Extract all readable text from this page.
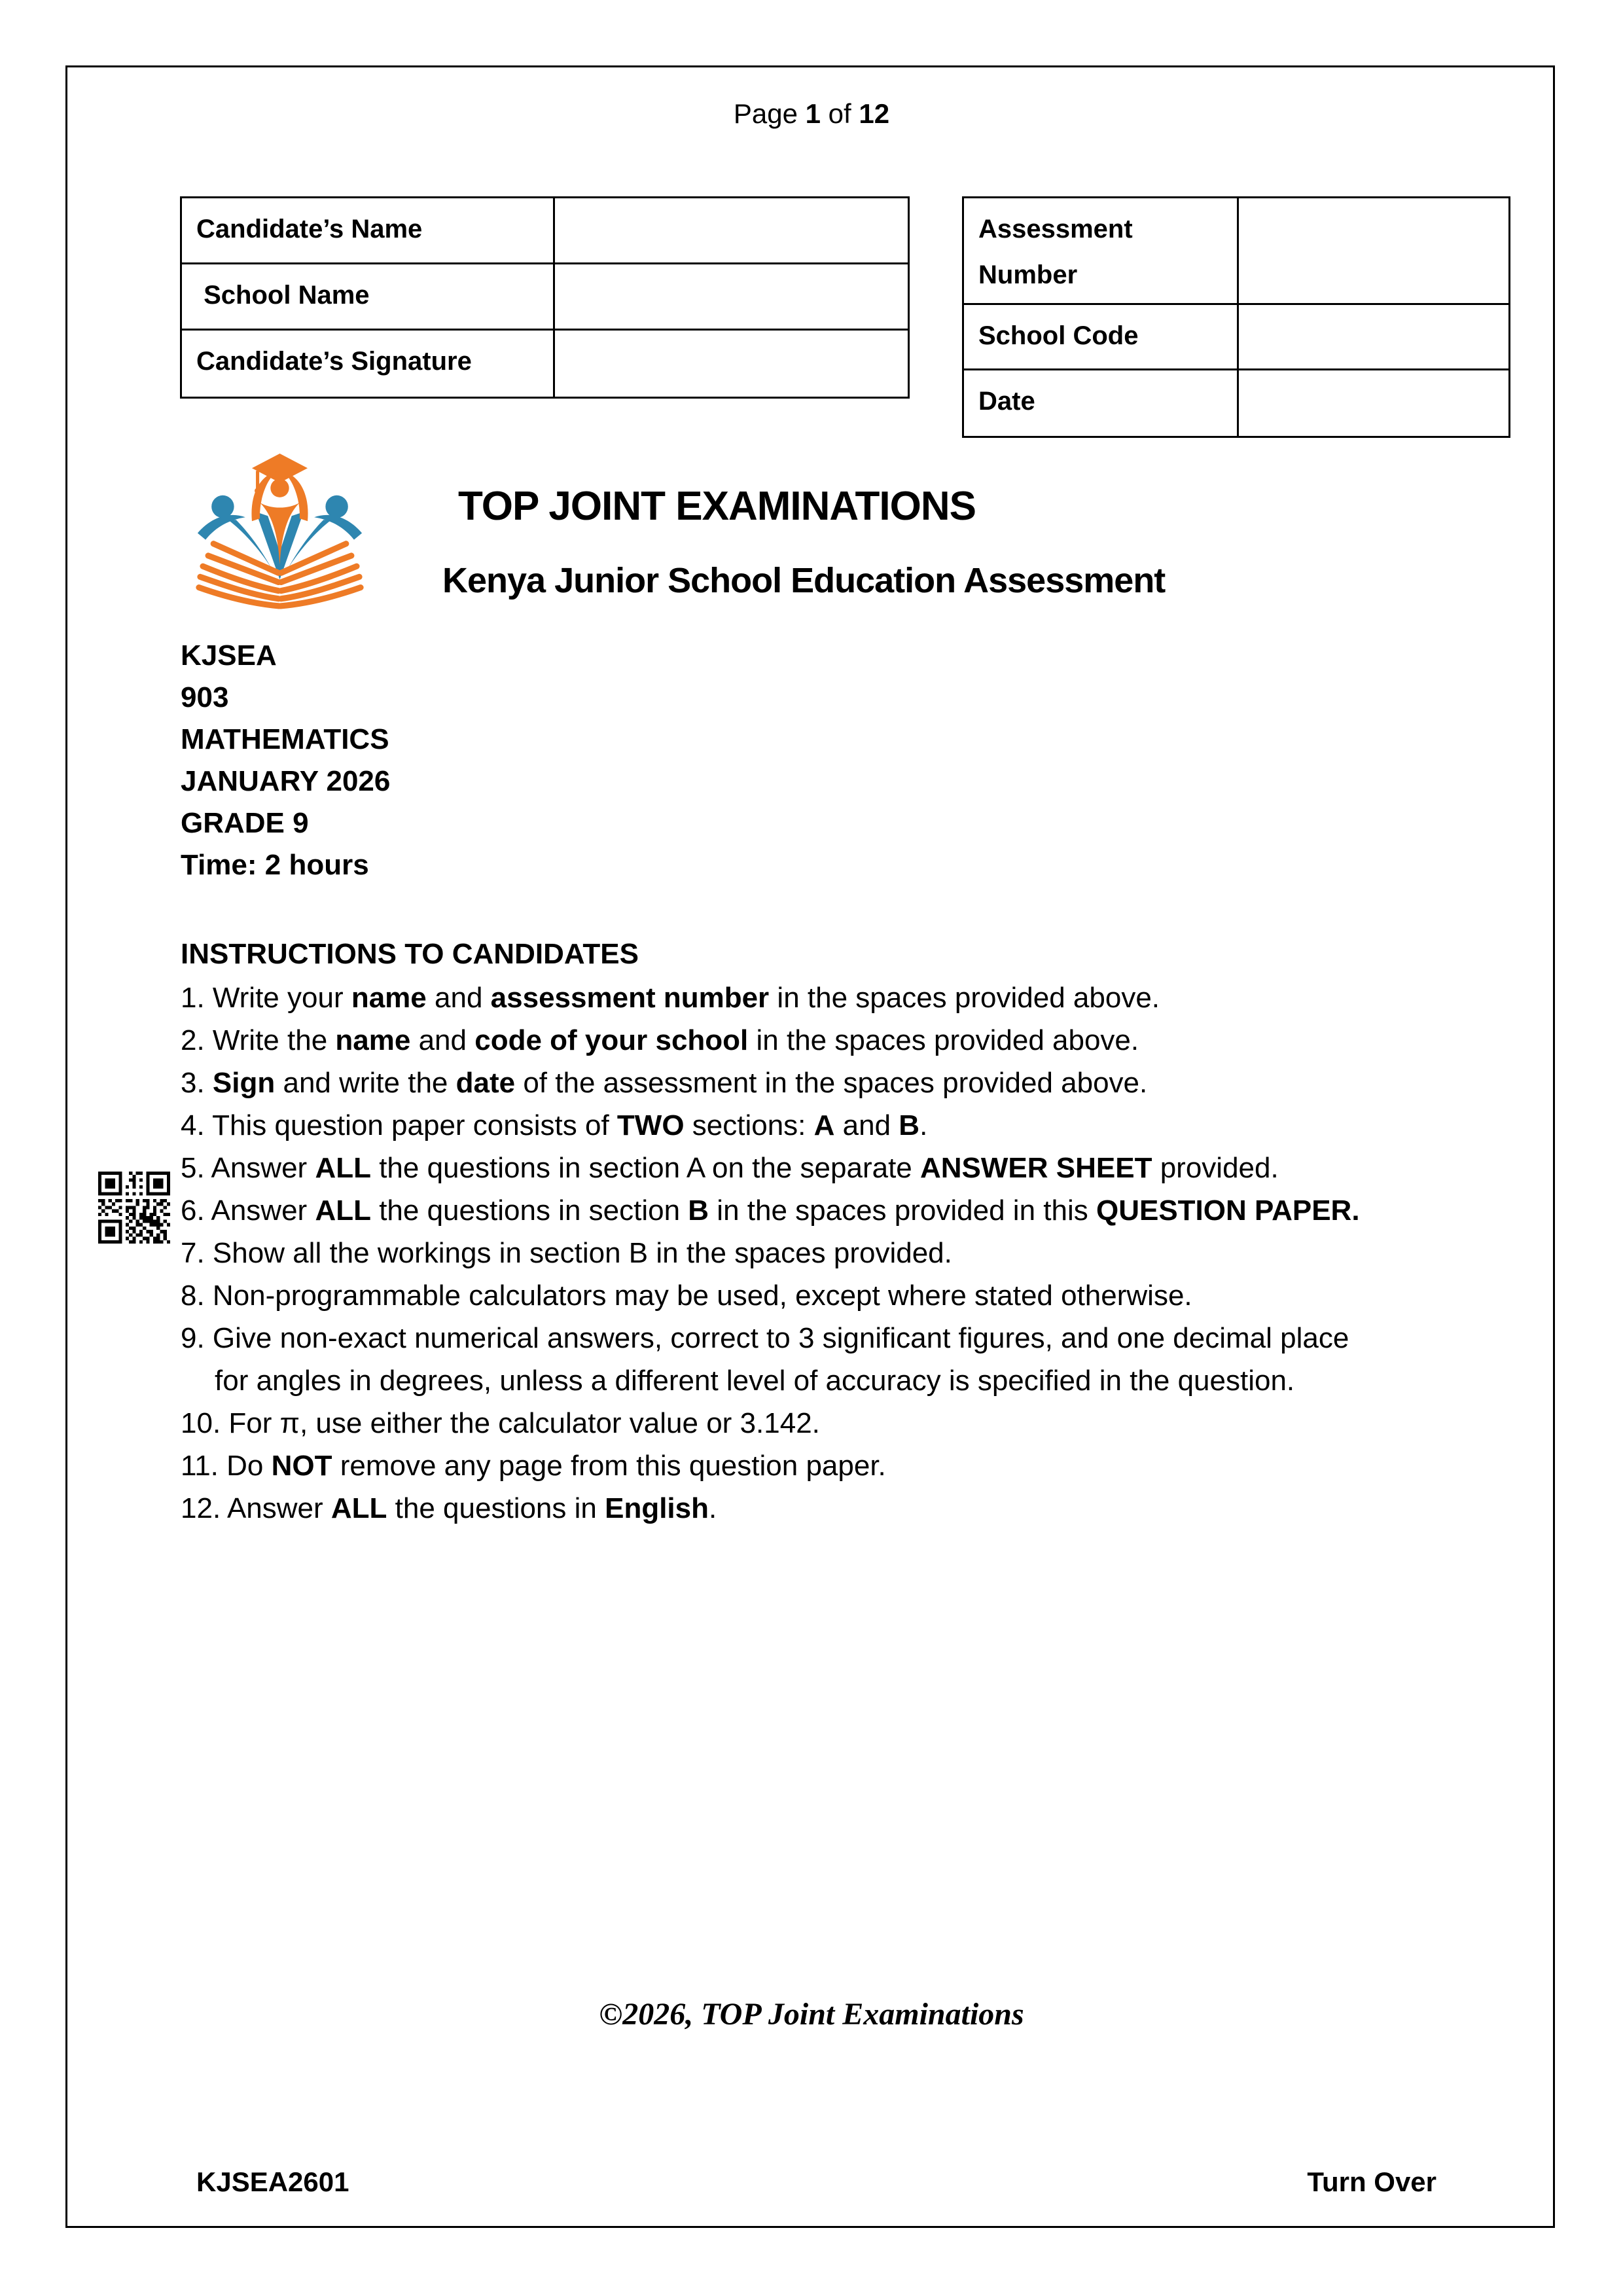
Page 1 of 12
Candidate’s Name
School Name
Candidate’s Signature
Assessment Number
School Code
Date
TOP JOINT EXAMINATIONS
Kenya Junior School Education Assessment
KJSEA
903
MATHEMATICS
JANUARY 2026
GRADE 9
Time: 2 hours
INSTRUCTIONS TO CANDIDATES
1. Write your name and assessment number in the spaces provided above.
2. Write the name and code of your school in the spaces provided above.
3. Sign and write the date of the assessment in the spaces provided above.
4. This question paper consists of TWO sections: A and B.
5. Answer ALL the questions in section A on the separate ANSWER SHEET provided.
6. Answer ALL the questions in section B in the spaces provided in this QUESTION PAPER.
7. Show all the workings in section B in the spaces provided.
8. Non-programmable calculators may be used, except where stated otherwise.
9. Give non-exact numerical answers, correct to 3 significant figures, and one decimal place
for angles in degrees, unless a different level of accuracy is specified in the question.
10. For π, use either the calculator value or 3.142.
11. Do NOT remove any page from this question paper.
12. Answer ALL the questions in English.
©2026, TOP Joint Examinations
KJSEA2601	Turn Over
